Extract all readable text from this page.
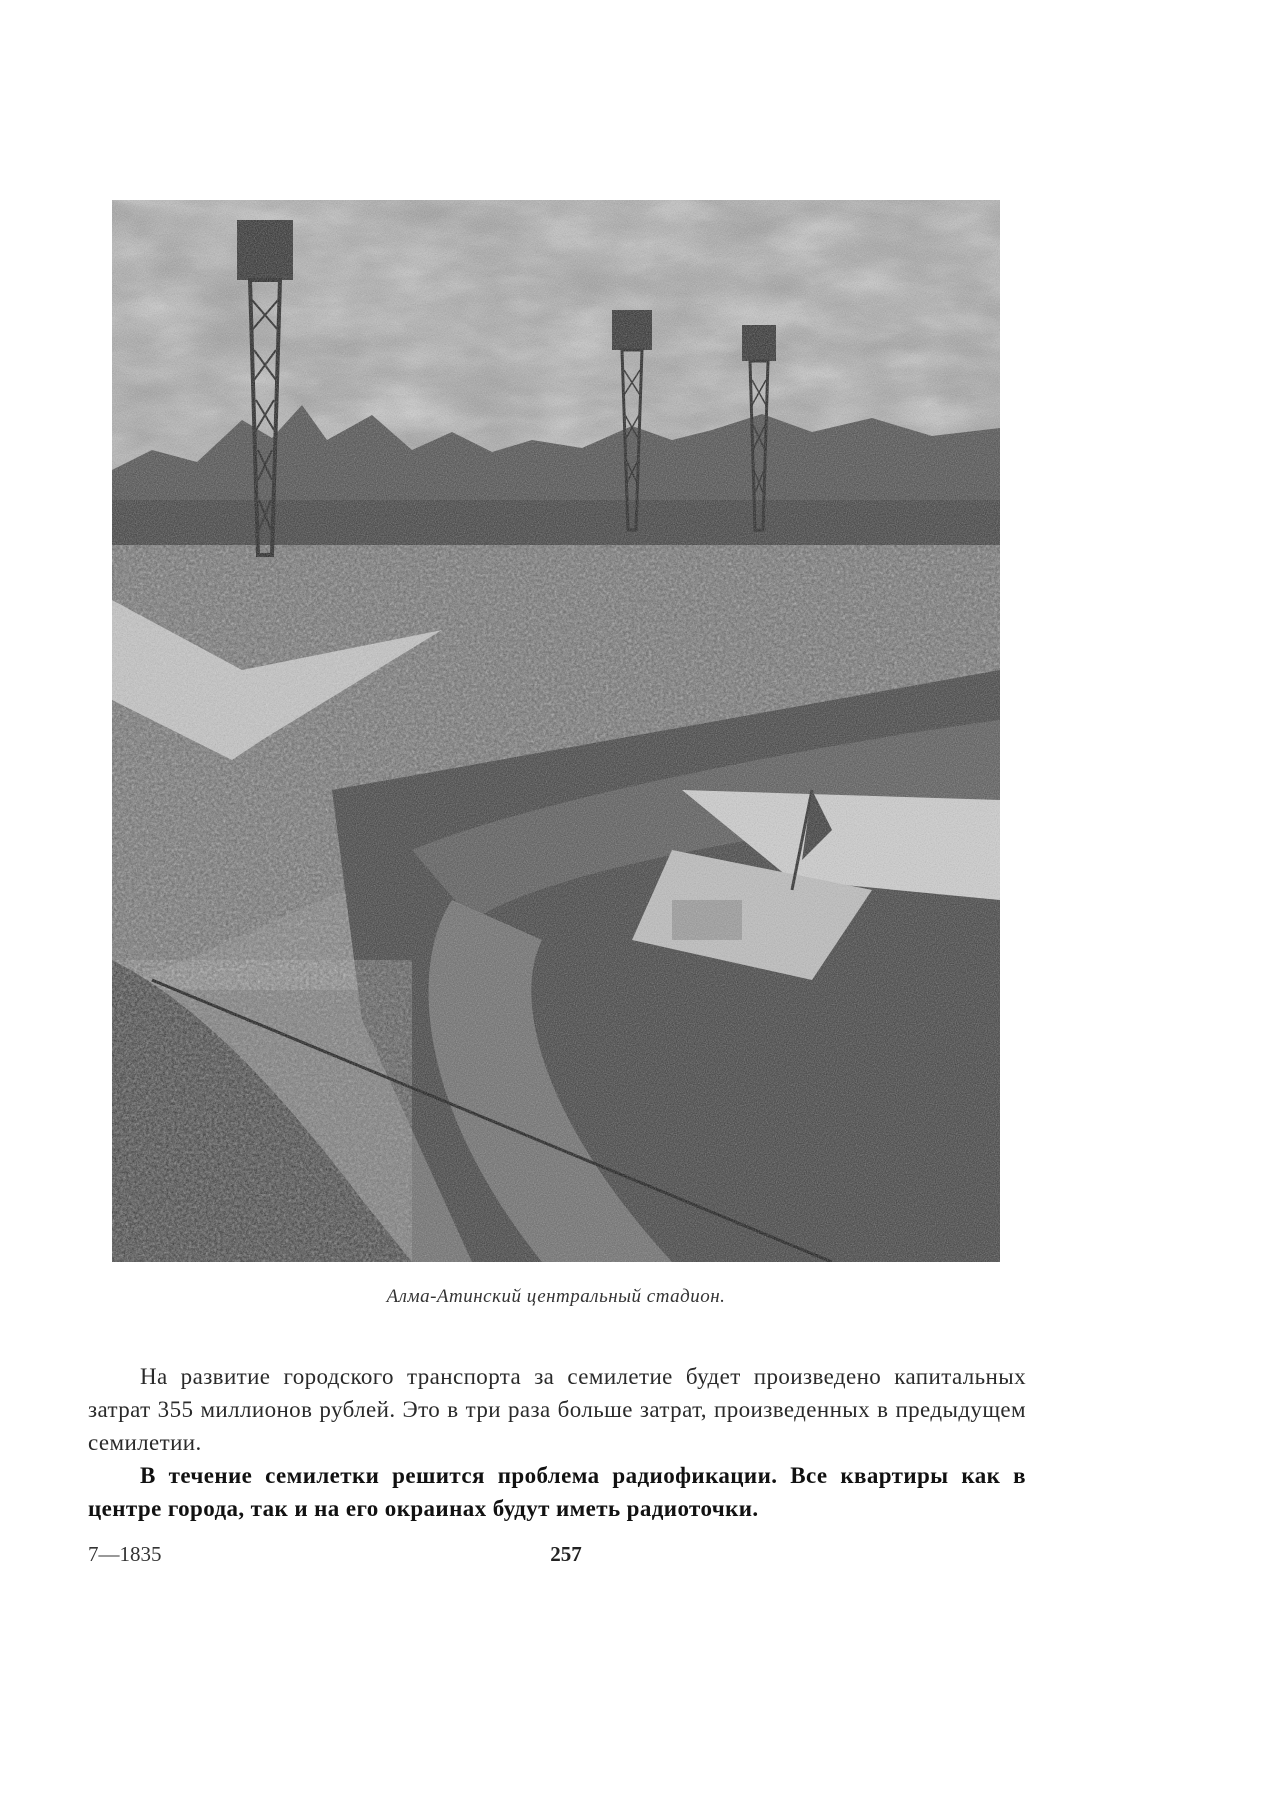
Алма-Атинский центральный стадион.

На развитие городского транспорта за семилетие будет произведено капитальных затрат 355 миллионов рублей. Это в три раза больше затрат, произведенных в предыдущем семилетии.

В течение семилетки решится проблема радиофикации. Все квартиры как в центре города, так и на его окраинах будут иметь радиоточки.

7—1835	257
